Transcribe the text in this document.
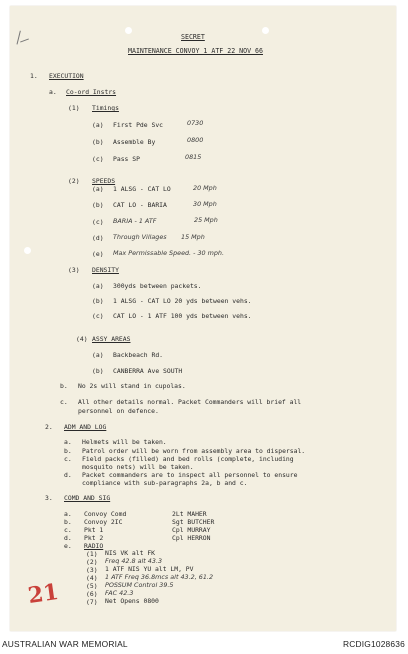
SECRET
MAINTENANCE CONVOY 1 ATF 22 NOV 66
1. EXECUTION
a. Co-ord Instrs
(1) Timings
(a) First Pde Svc	0730
(b) Assemble By	0800
(c) Pass SP	0815
(2) SPEEDS
(a) 1 ALSG - CAT LO	20 Mph
(b) CAT LO - BARIA	30 Mph
(c) BARIA - 1 ATF	25 Mph
(d) Through Villages 15 Mph
(e) Max Permissable Speed. - 30 mph.
(3) DENSITY
(a) 300yds between packets.
(b) 1 ALSG - CAT LO 20 yds between vehs.
(c) CAT LO - 1 ATF 100 yds between vehs.
(4) ASSY AREAS
(a) Backbeach Rd.
(b) CANBERRA Ave SOUTH
b. No 2s will stand in cupolas.
c. All other details normal. Packet Commanders will brief all
personnel on defence.
2. ADM AND LOG
a. Helmets will be taken.
b. Patrol order will be worn from assembly area to dispersal.
c. Field packs (filled) and bed rolls (complete, including
mosquito nets) will be taken.
d. Packet commanders are to inspect all personnel to ensure
compliance with sub-paragraphs 2a, b and c.
3. COMD AND SIG
a. Convoy Comd	2Lt MAHER
b. Convoy 2IC	Sgt BUTCHER
c. Pkt 1	Cpl MURRAY
d. Pkt 2	Cpl HERRON
e. RADIO
(1) NIS VK alt FK
(2) Freq 42.8 alt 43.3
(3) 1 ATF NIS YU alt LM, PV
(4) 1 ATF Freq 36.8mcs alt 43.2, 61.2
(5) POSSUM Control 39.5
(6) FAC 42.3
(7) Net Opens 0800
21
AUSTRALIAN WAR MEMORIAL	RCDIG1028636
